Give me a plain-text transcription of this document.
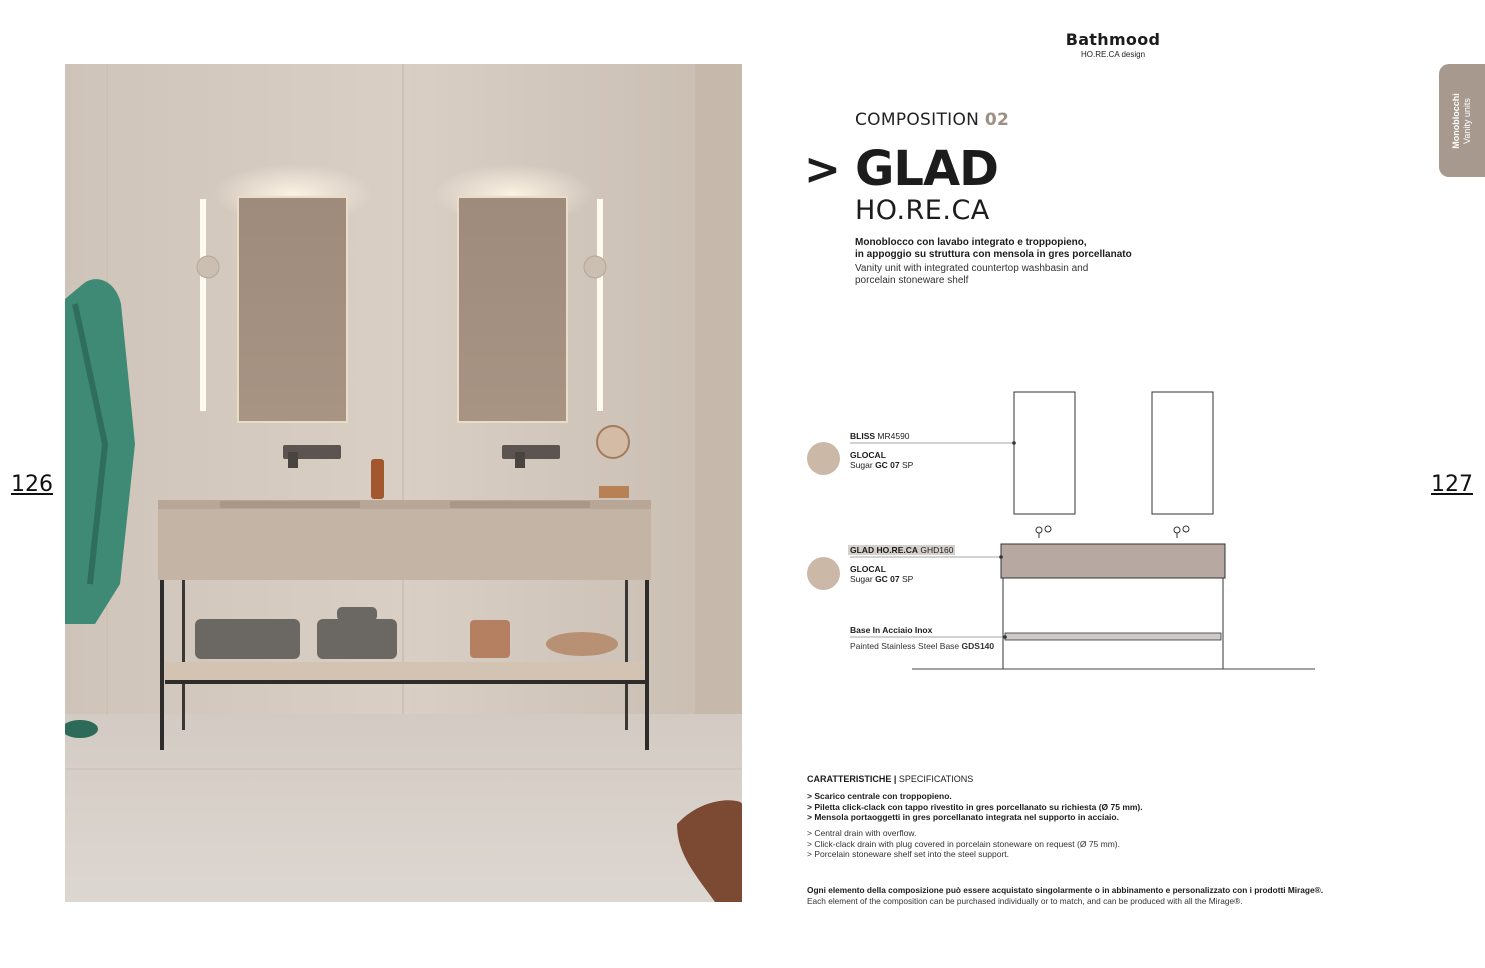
126	127
Bathmood
HO.RE.CA design
Monoblocchi Vanity units
COMPOSITION 02
> GLAD
HO.RE.CA
Monoblocco con lavabo integrato e troppopieno,
in appoggio su struttura con mensola in gres porcellanato
Vanity unit with integrated countertop washbasin and
porcelain stoneware shelf
BLISS MR4590
GLOCAL
Sugar GC 07 SP
GLAD HO.RE.CA GHD160
GLOCAL
Sugar GC 07 SP
Base In Acciaio Inox
Painted Stainless Steel Base GDS140
CARATTERISTICHE | SPECIFICATIONS
> Scarico centrale con troppopieno.
> Piletta click-clack con tappo rivestito in gres porcellanato su richiesta (Ø 75 mm).
> Mensola portaoggetti in gres porcellanato integrata nel supporto in acciaio.
> Central drain with overflow.
> Click-clack drain with plug covered in porcelain stoneware on request (Ø 75 mm).
> Porcelain stoneware shelf set into the steel support.
Ogni elemento della composizione può essere acquistato singolarmente o in abbinamento e personalizzato con i prodotti Mirage®.
Each element of the composition can be purchased individually or to match, and can be produced with all the Mirage®.
